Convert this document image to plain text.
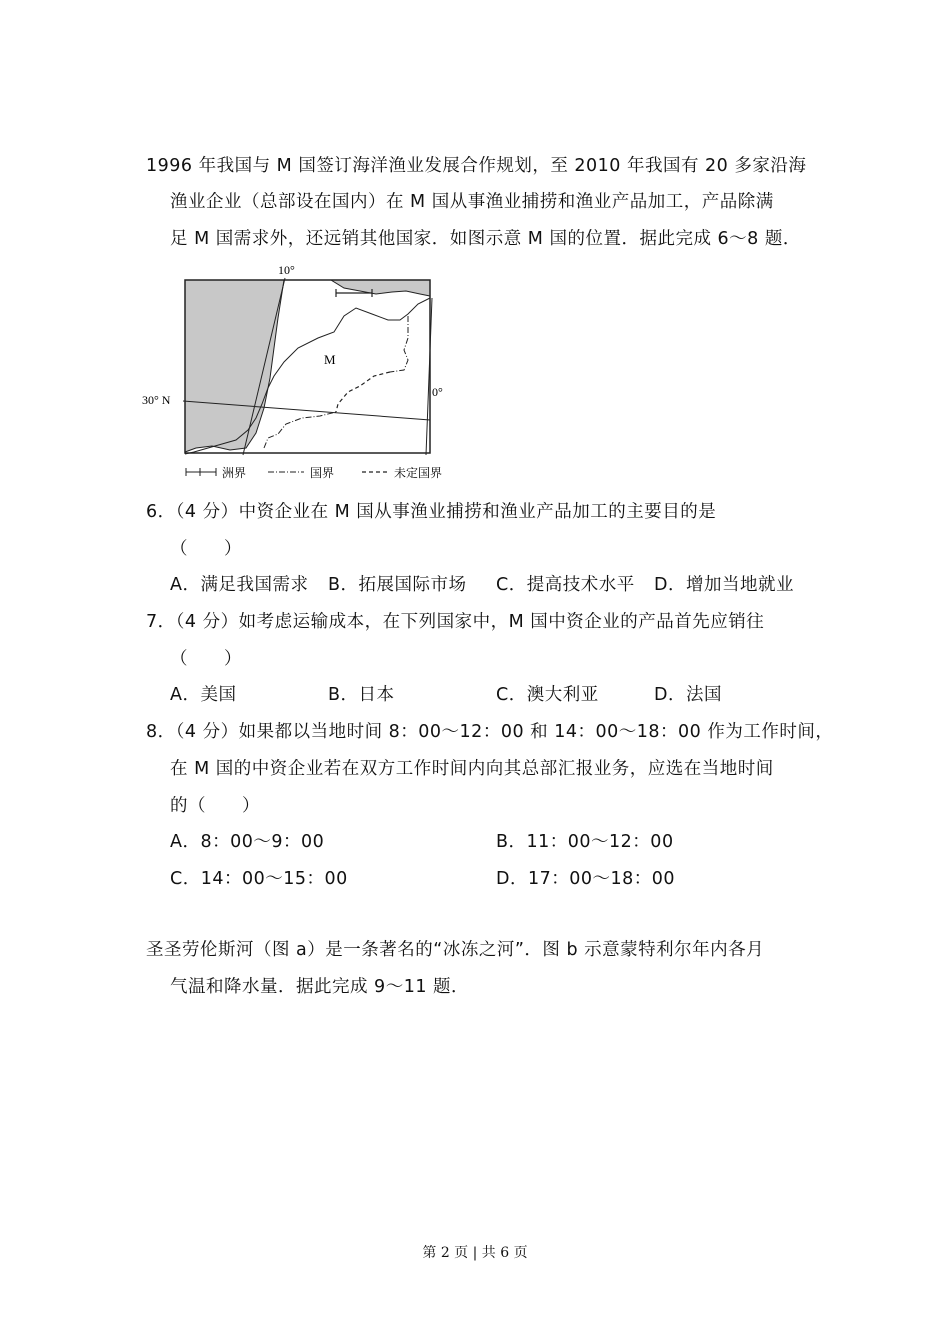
1996 年我国与 M 国签订海洋渔业发展合作规划，至 2010 年我国有 20 多家沿海
渔业企业（总部设在国内）在 M 国从事渔业捕捞和渔业产品加工，产品除满
足 M 国需求外，还远销其他国家．如图示意 M 国的位置．据此完成 6～8 题．
10°
30° N
0°
M
洲界	国界	未定国界
6．（4 分）中资企业在 M 国从事渔业捕捞和渔业产品加工的主要目的是
（　　）
A．满足我国需求 B．拓展国际市场 C．提高技术水平 D．增加当地就业
7．（4 分）如考虑运输成本，在下列国家中，M 国中资企业的产品首先应销往
（　　）
A．美国	B．日本	C．澳大利亚	D．法国
8．（4 分）如果都以当地时间 8：00～12：00 和 14：00～18：00 作为工作时间，
在 M 国的中资企业若在双方工作时间内向其总部汇报业务，应选在当地时间
的（　　）
A．8：00～9：00	B．11：00～12：00
C．14：00～15：00	D．17：00～18：00
圣圣劳伦斯河（图 a）是一条著名的“冰冻之河”．图 b 示意蒙特利尔年内各月
气温和降水量．据此完成 9～11 题．
第 2 页 | 共 6 页
